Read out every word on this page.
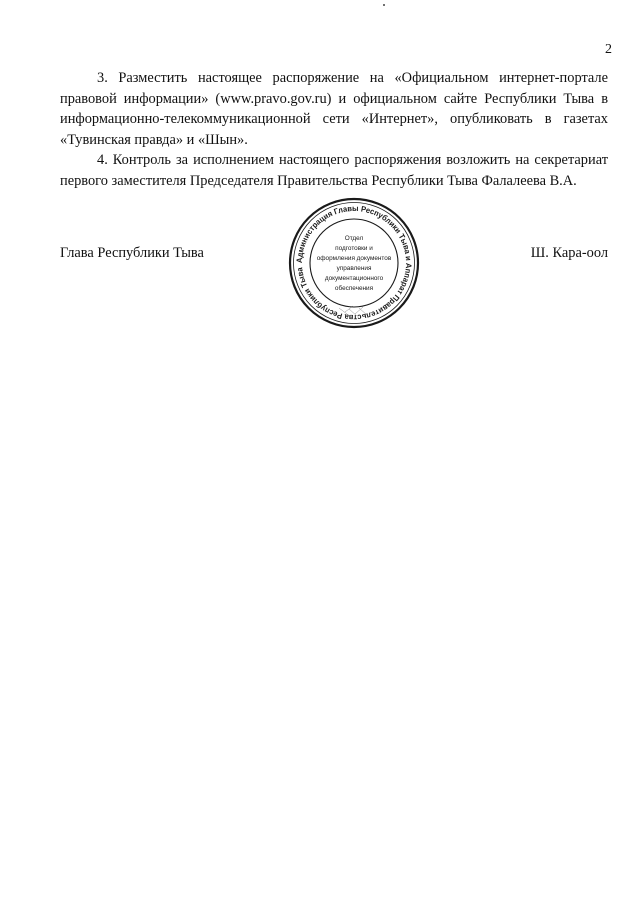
2

3. Разместить настоящее распоряжение на «Официальном интернет-портале правовой информации» (www.pravo.gov.ru) и официальном сайте Республики Тыва в информационно-телекоммуникационной сети «Интернет», опубликовать в газетах «Тувинская правда» и «Шын».

4. Контроль за исполнением настоящего распоряжения возложить на секретариат первого заместителя Председателя Правительства Республики Тыва Фалалеева В.А.

Глава Республики Тыва	Администрация Главы Республики Тыва и Аппарат Правительства Республики Тыва
Отдел
подготовки и
оформления документов
управления
документационного
обеспечения
Ш. Кара-оол
